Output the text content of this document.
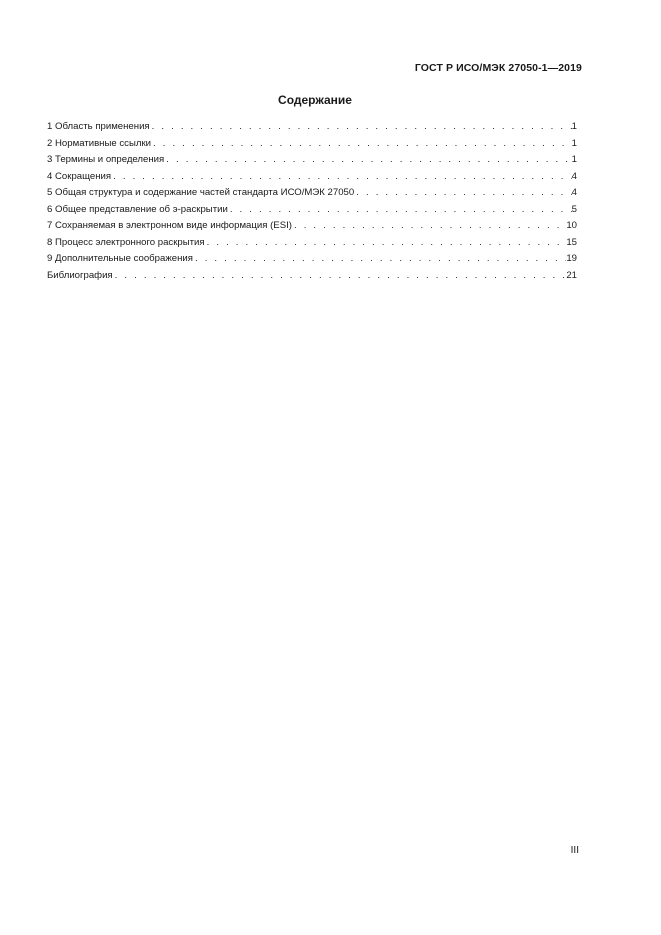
ГОСТ Р ИСО/МЭК 27050-1—2019
Содержание
1 Область применения . . .	1
2 Нормативные ссылки . . .	1
3 Термины и определения . . .	1
4 Сокращения . . .	4
5 Общая структура и содержание частей стандарта ИСО/МЭК 27050 . . .	4
6 Общее представление об э-раскрытии . . .	5
7 Сохраняемая в электронном виде информация (ESI) . . .	10
8 Процесс электронного раскрытия . . .	15
9 Дополнительные соображения . . .	19
Библиография . . .	21
III
